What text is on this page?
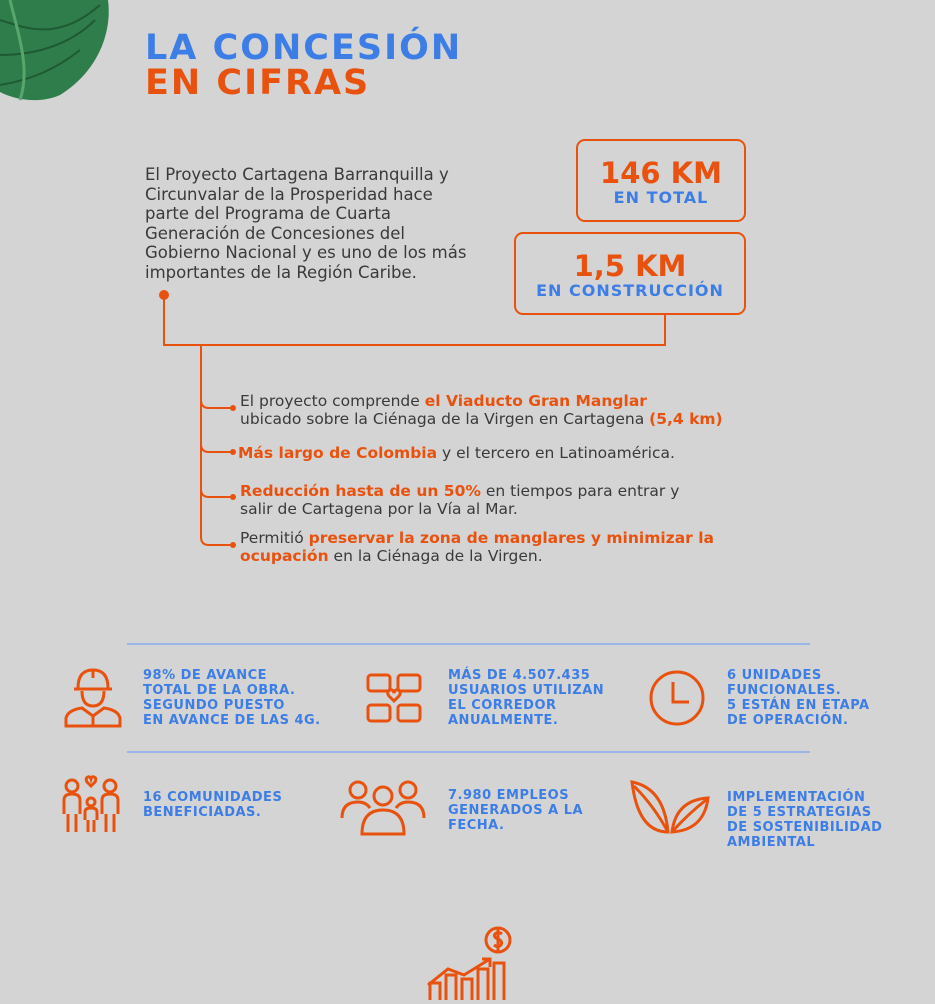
LA CONCESIÓN
EN CIFRAS
El Proyecto Cartagena Barranquilla y Circunvalar de la Prosperidad hace parte del Programa de Cuarta Generación de Concesiones del Gobierno Nacional y es uno de los más importantes de la Región Caribe.
146 KM
EN TOTAL
1,5 KM
EN CONSTRUCCIÓN
El proyecto comprende el Viaducto Gran Manglar
ubicado sobre la Ciénaga de la Virgen en Cartagena (5,4 km)
Más largo de Colombia y el tercero en Latinoamérica.
Reducción hasta de un 50% en tiempos para entrar y
salir de Cartagena por la Vía al Mar.
Permitió preservar la zona de manglares y minimizar la
ocupación en la Ciénaga de la Virgen.
98% DE AVANCE
TOTAL DE LA OBRA.
SEGUNDO PUESTO
EN AVANCE DE LAS 4G.
MÁS DE 4.507.435
USUARIOS UTILIZAN
EL CORREDOR
ANUALMENTE.
6 UNIDADES
FUNCIONALES.
5 ESTÁN EN ETAPA
DE OPERACIÓN.
16 COMUNIDADES
BENEFICIADAS.
7.980 EMPLEOS
GENERADOS A LA
FECHA.
IMPLEMENTACIÓN
DE 5 ESTRATEGIAS
DE SOSTENIBILIDAD
AMBIENTAL
